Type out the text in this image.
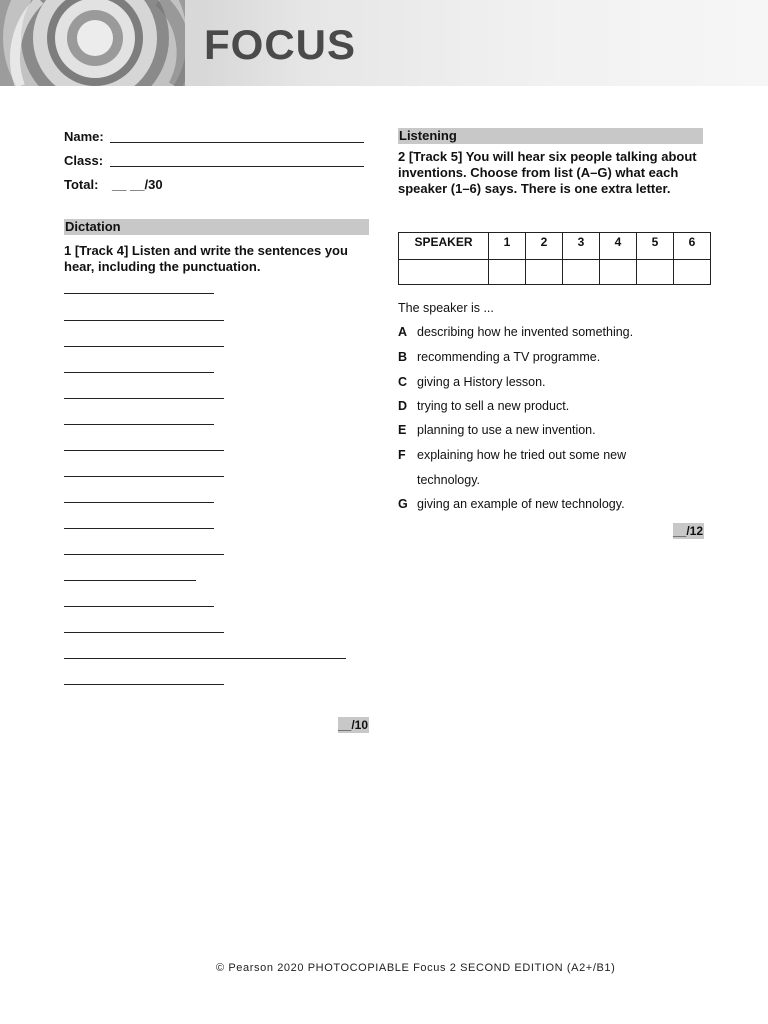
FOCUS
Name:
Class:
Total: __ __/30
Dictation
1 [Track 4] Listen and write the sentences you hear, including the punctuation.
__/10
Listening
2 [Track 5] You will hear six people talking about inventions. Choose from list (A–G) what each speaker (1–6) says. There is one extra letter.
SPEAKER	1	2	3	4	5	6

The speaker is ...
A describing how he invented something.
B recommending a TV programme.
C giving a History lesson.
D trying to sell a new product.
E planning to use a new invention.
F explaining how he tried out some new
technology.
G giving an example of new technology.
__/12
© Pearson 2020 PHOTOCOPIABLE Focus 2 SECOND EDITION (A2+/B1)
